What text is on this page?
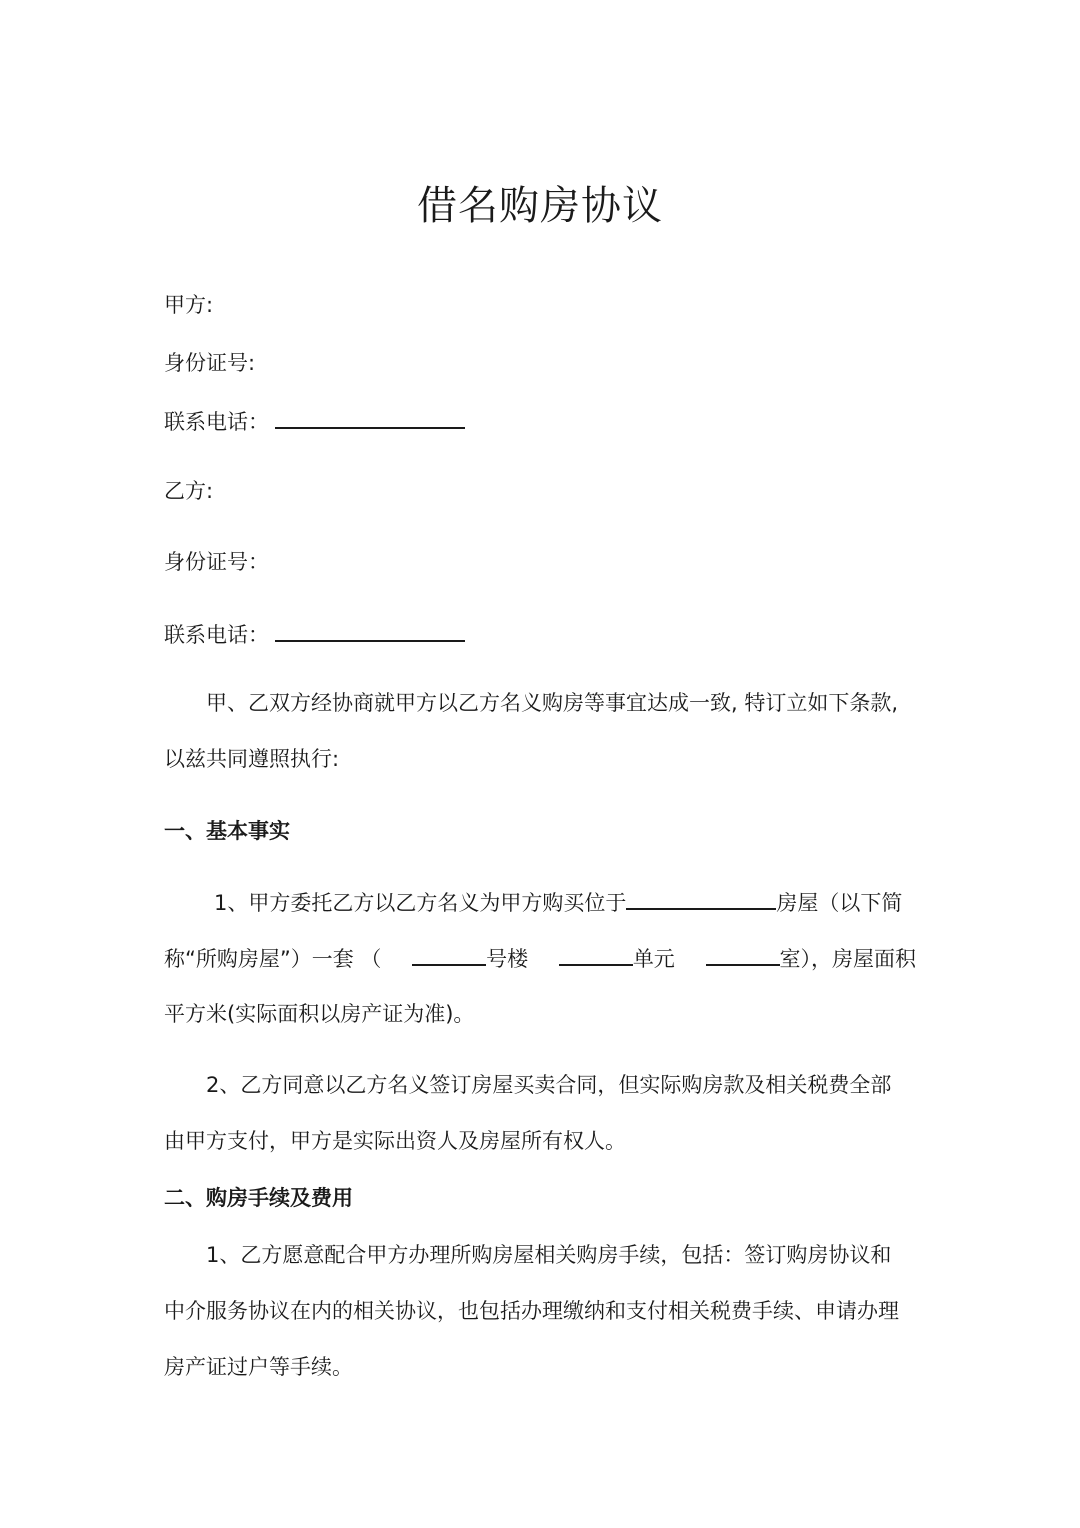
借名购房协议
甲方:
身份证号:
联系电话：
乙方:
身份证号：
联系电话：
甲、乙双方经协商就甲方以乙方名义购房等事宜达成一致, 特订立如下条款,
以兹共同遵照执行:
一、基本事实
1、甲方委托乙方以乙方名义为甲方购买位于	房屋（以下简
称“所购房屋”）一套 （	号楼	单元	室），房屋面积
平方米(实际面积以房产证为准)。
2、乙方同意以乙方名义签订房屋买卖合同，但实际购房款及相关税费全部
由甲方支付，甲方是实际出资人及房屋所有权人。
二、购房手续及费用
1、乙方愿意配合甲方办理所购房屋相关购房手续，包括：签订购房协议和
中介服务协议在内的相关协议，也包括办理缴纳和支付相关税费手续、申请办理
房产证过户等手续。
